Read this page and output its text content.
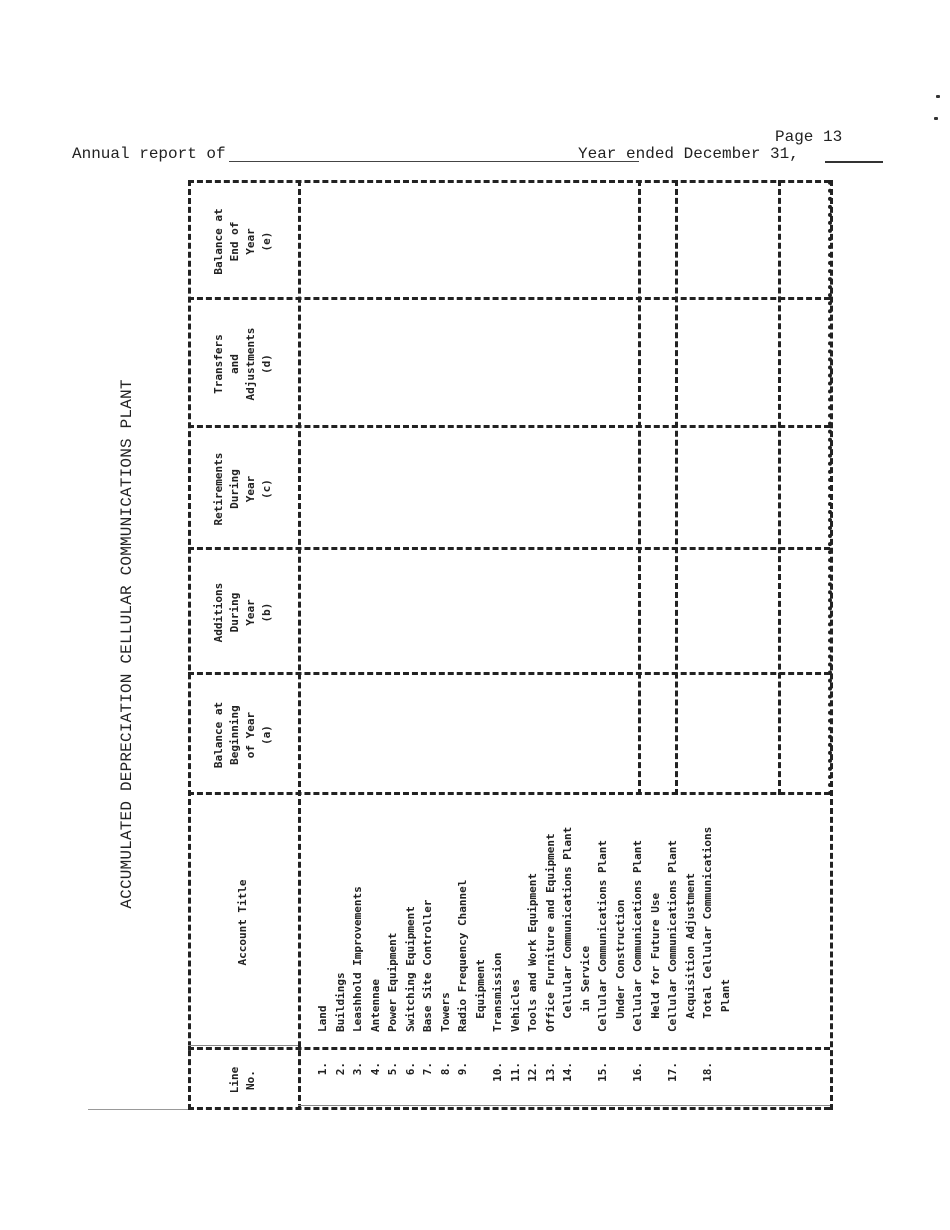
Page 13
Annual report of	Year ended December 31,
ACCUMULATED DEPRECIATION CELLULAR COMMUNICATIONS PLANT
Line No.
Account Title
Balance at Beginning of Year (a)
Additions During Year (b)
Retirements During Year (c)
Transfers and Adjustments (d)
Balance at End of Year (e)
1.
Land
2.
Buildings
3.
Leashhold Improvements
4.
Antennae
5.
Power Equipment
6.
Switching Equipment
7.
Base Site Controller
8.
Towers
9.
Radio Frequency Channel Equipment
10.
Transmission
11.
Vehicles
12.
Tools and Work Equipment
13.
Office Furniture and Equipment
14.
Cellular Communications Plant in Service
15.
Cellular Communications Plant Under Construction
16.
Cellular Communications Plant Held for Future Use
17.
Cellular Communications Plant Acquisition Adjustment
18.
Total Cellular Communications Plant
